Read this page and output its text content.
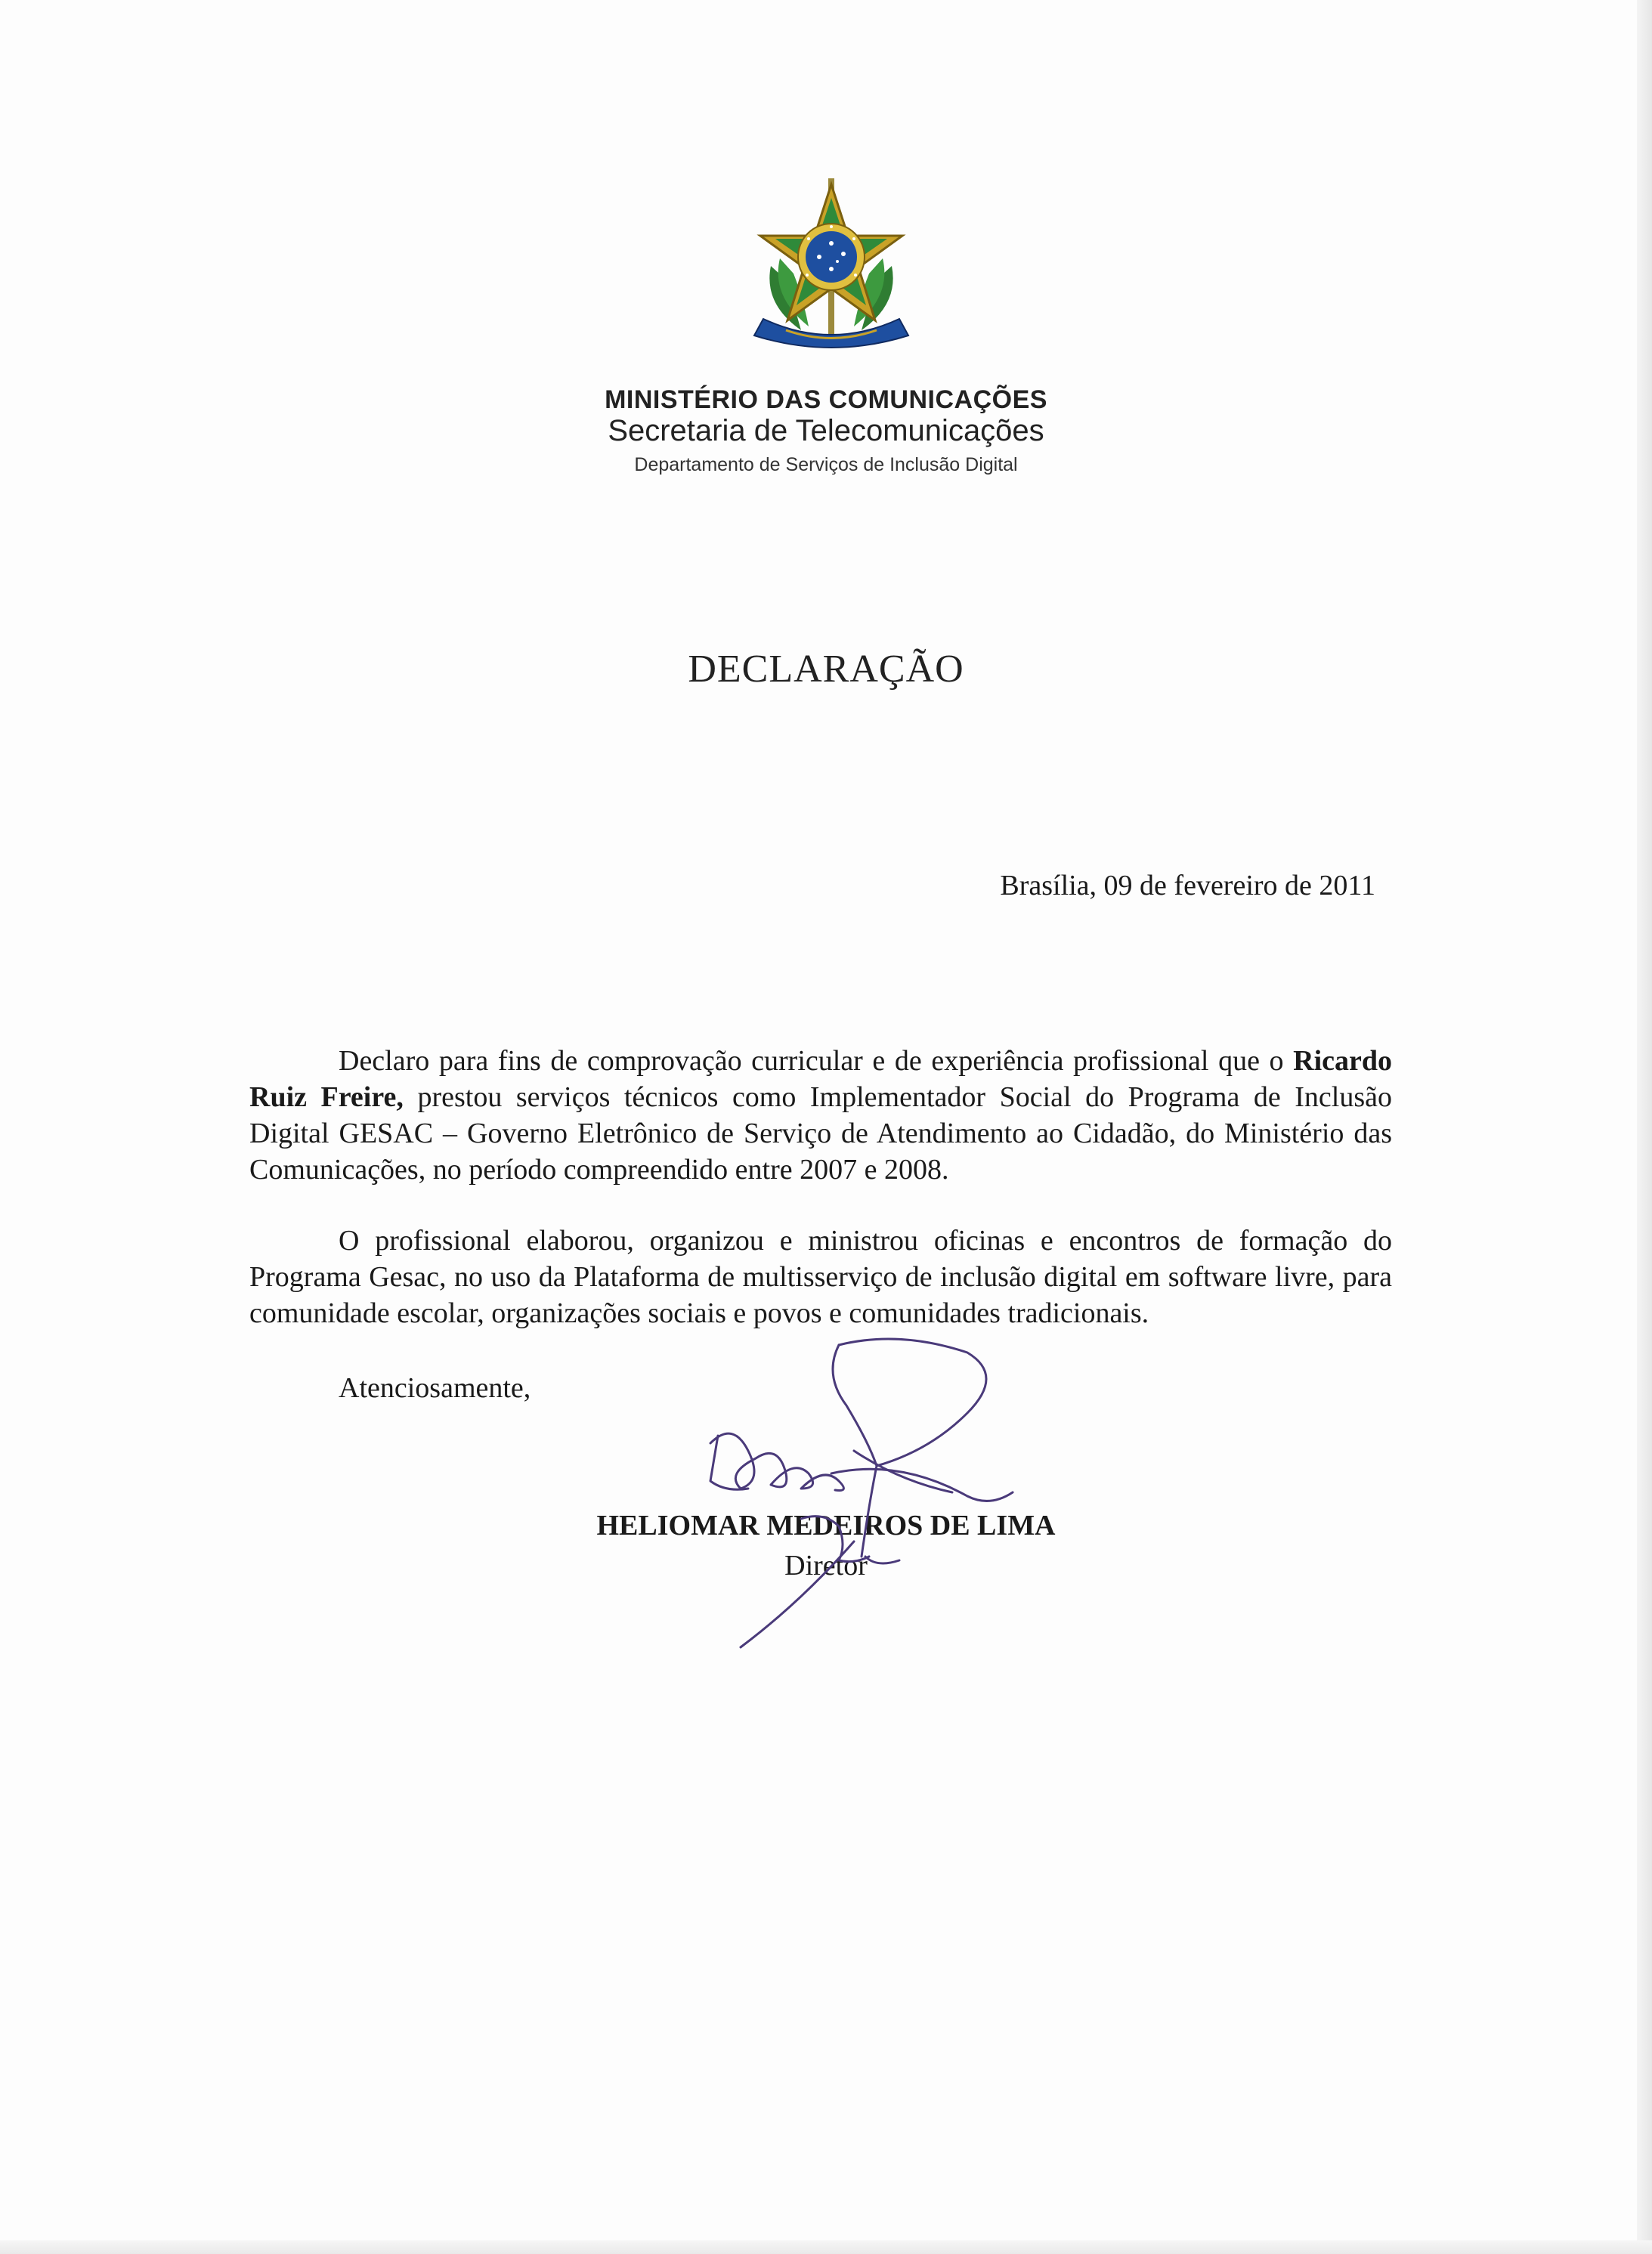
MINISTÉRIO DAS COMUNICAÇÕES
Secretaria de Telecomunicações
Departamento de Serviços de Inclusão Digital
DECLARAÇÃO
Brasília, 09 de fevereiro de 2011
Declaro para fins de comprovação curricular e de experiência profissional que o Ricardo Ruiz Freire, prestou serviços técnicos como Implementador Social do Programa de Inclusão Digital GESAC – Governo Eletrônico de Serviço de Atendimento ao Cidadão, do Ministério das Comunicações, no período compreendido entre 2007 e 2008.
O profissional elaborou, organizou e ministrou oficinas e encontros de formação do Programa Gesac, no uso da Plataforma de multisserviço de inclusão digital em software livre, para comunidade escolar, organizações sociais e povos e comunidades tradicionais.
Atenciosamente,
HELIOMAR MEDEIROS DE LIMA
Diretor
